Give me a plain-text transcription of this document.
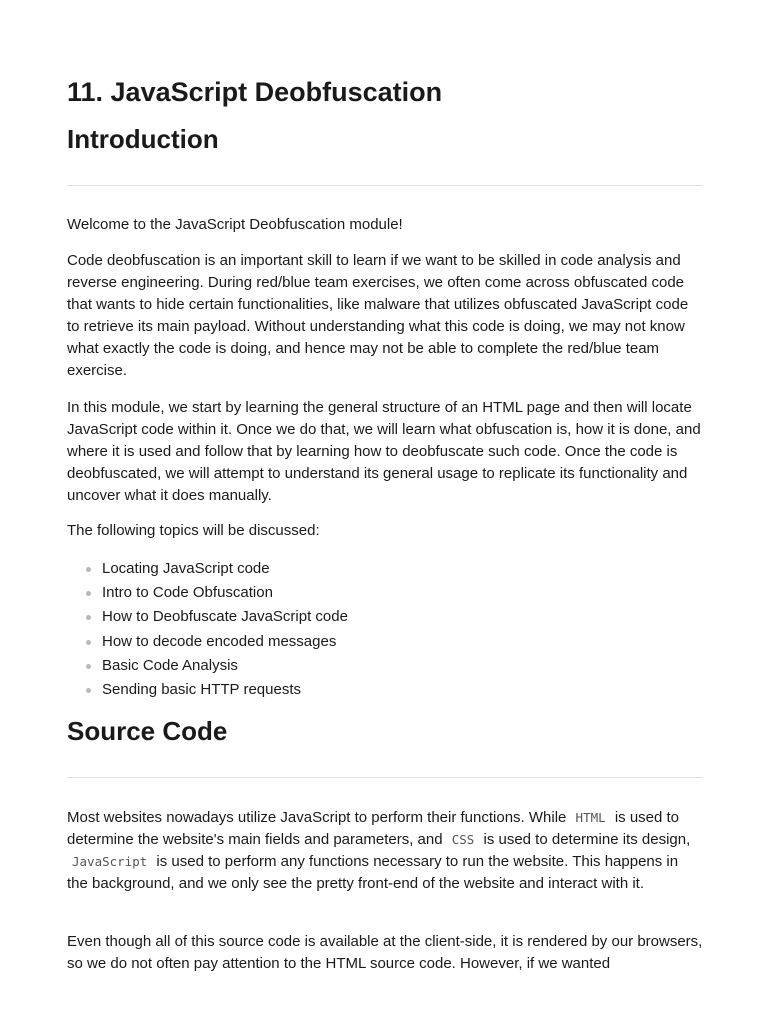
11. JavaScript Deobfuscation
Introduction

Welcome to the JavaScript Deobfuscation module!

Code deobfuscation is an important skill to learn if we want to be skilled in code analysis and reverse engineering. During red/blue team exercises, we often come across obfuscated code that wants to hide certain functionalities, like malware that utilizes obfuscated JavaScript code to retrieve its main payload. Without understanding what this code is doing, we may not know what exactly the code is doing, and hence may not be able to complete the red/blue team exercise.

In this module, we start by learning the general structure of an HTML page and then will locate JavaScript code within it. Once we do that, we will learn what obfuscation is, how it is done, and where it is used and follow that by learning how to deobfuscate such code. Once the code is deobfuscated, we will attempt to understand its general usage to replicate its functionality and uncover what it does manually.

The following topics will be discussed:

Locating JavaScript code
Intro to Code Obfuscation
How to Deobfuscate JavaScript code
How to decode encoded messages
Basic Code Analysis
Sending basic HTTP requests
Source Code

Most websites nowadays utilize JavaScript to perform their functions. While HTML is used to determine the website's main fields and parameters, and CSS is used to determine its design, JavaScript is used to perform any functions necessary to run the website. This happens in the background, and we only see the pretty front-end of the website and interact with it.

Even though all of this source code is available at the client-side, it is rendered by our browsers, so we do not often pay attention to the HTML source code. However, if we wanted
